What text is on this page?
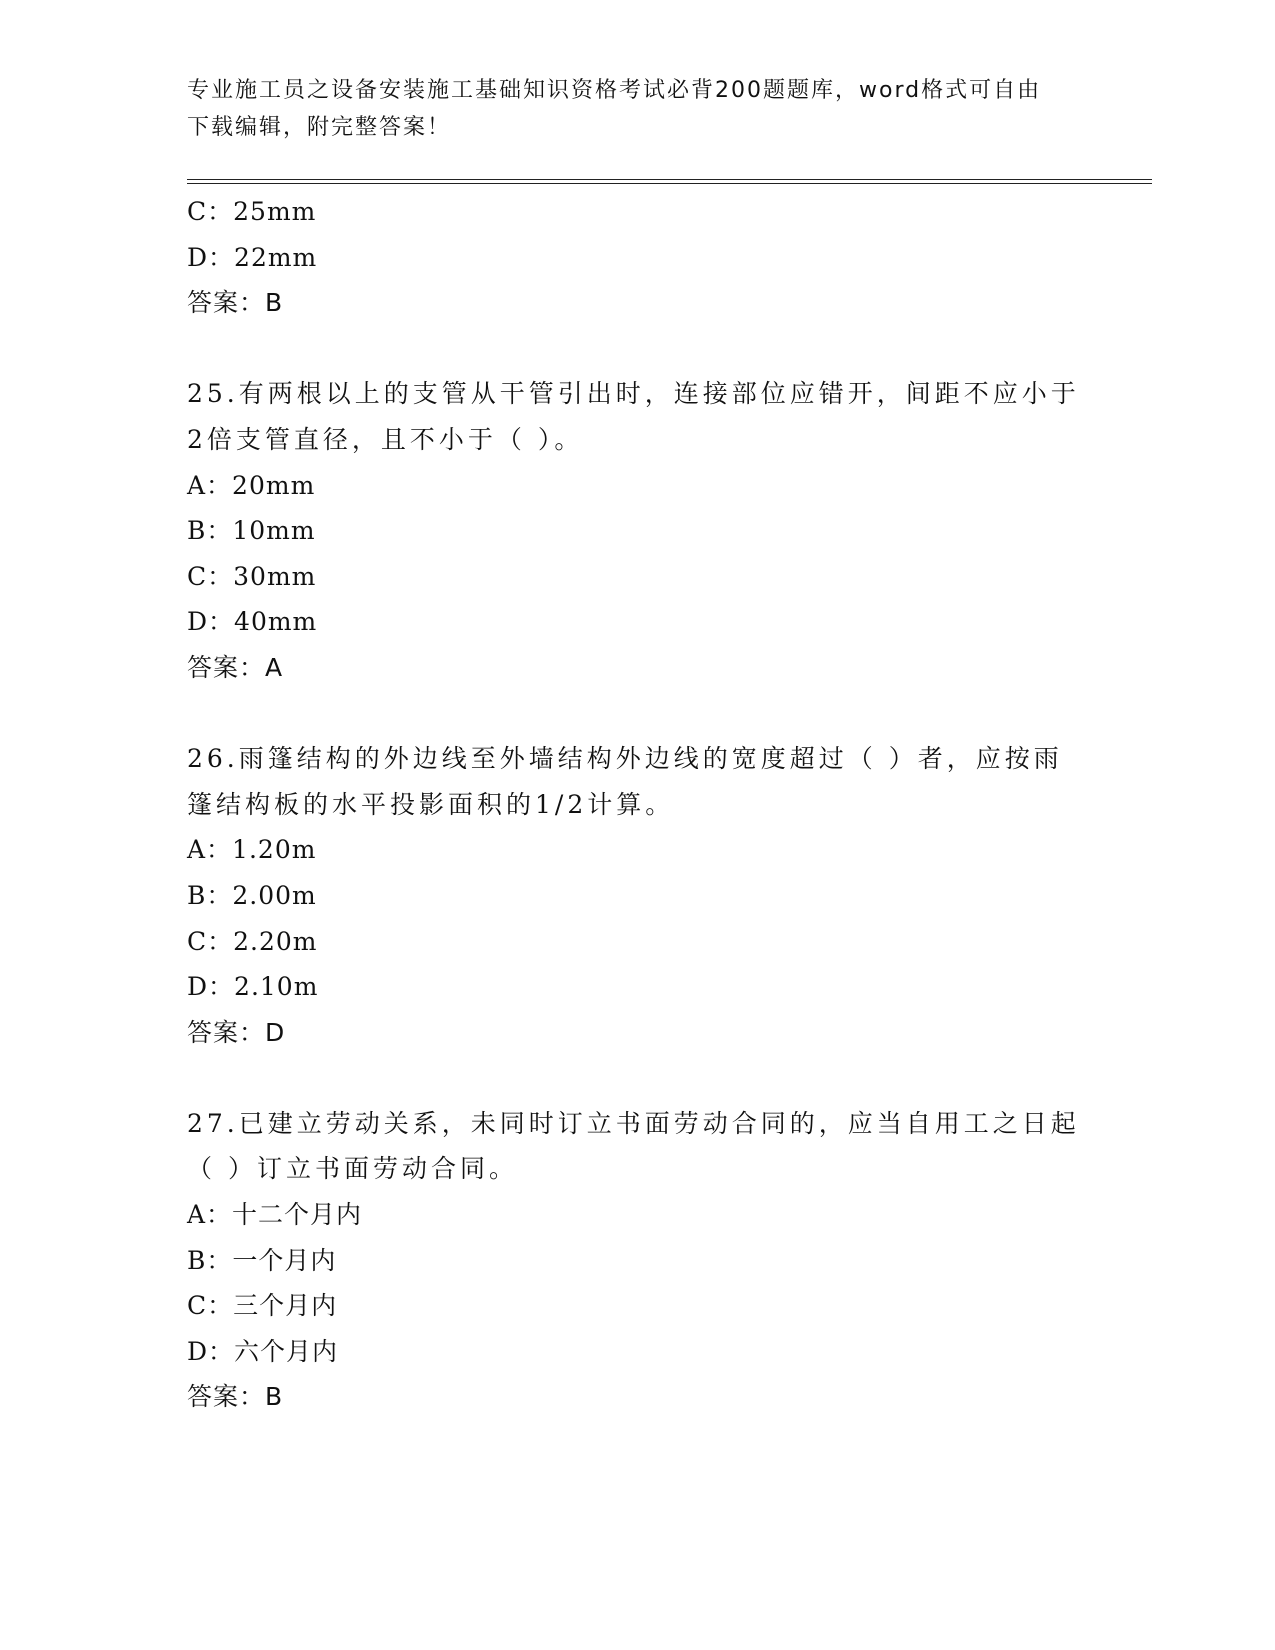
专业施工员之设备安装施工基础知识资格考试必背200题题库，word格式可自由
下载编辑，附完整答案！
C：25mm
D：22mm
答案：B
25.有两根以上的支管从干管引出时，连接部位应错开，间距不应小于
2倍支管直径，且不小于（ ）。
A：20mm
B：10mm
C：30mm
D：40mm
答案：A
26.雨篷结构的外边线至外墙结构外边线的宽度超过（ ）者，应按雨
篷结构板的水平投影面积的1/2计算。
A：1.20m
B：2.00m
C：2.20m
D：2.10m
答案：D
27.已建立劳动关系，未同时订立书面劳动合同的，应当自用工之日起
（ ）订立书面劳动合同。
A：十二个月内
B：一个月内
C：三个月内
D：六个月内
答案：B
